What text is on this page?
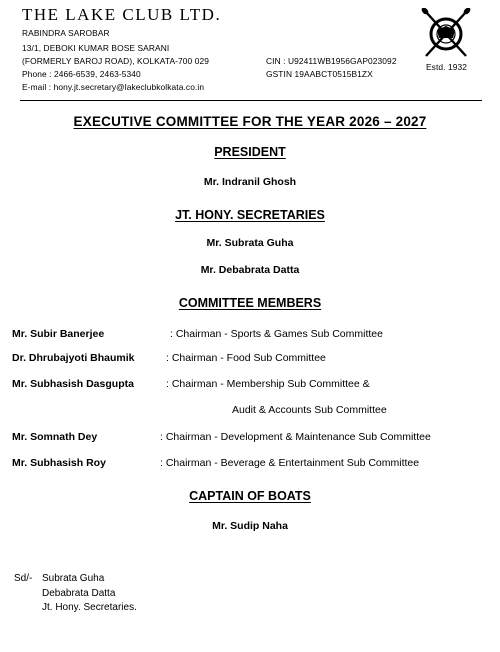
THE LAKE CLUB LTD.
RABINDRA SAROBAR
13/1, DEBOKI KUMAR BOSE SARANI
(FORMERLY BAROJ ROAD), KOLKATA-700 029
Phone : 2466-6539, 2463-5340
E-mail : hony.jt.secretary@lakeclubkolkata.co.in
CIN : U92411WB1956GAP023092
GSTIN 19AABCT0515B1ZX
Estd. 1932
EXECUTIVE COMMITTEE FOR THE YEAR 2026 – 2027
PRESIDENT
Mr. Indranil Ghosh
JT. HONY. SECRETARIES
Mr. Subrata Guha
Mr. Debabrata Datta
COMMITTEE MEMBERS
Mr. Subir Banerjee	: Chairman - Sports & Games Sub Committee
Dr. Dhrubajyoti Bhaumik	: Chairman - Food Sub Committee
Mr. Subhasish Dasgupta	: Chairman - Membership Sub Committee &
Audit & Accounts Sub Committee
Mr. Somnath Dey	: Chairman - Development & Maintenance Sub Committee
Mr. Subhasish Roy	: Chairman - Beverage & Entertainment Sub Committee
CAPTAIN OF BOATS
Mr. Sudip Naha
Sd/- Subrata Guha
Debabrata Datta
Jt. Hony. Secretaries.
